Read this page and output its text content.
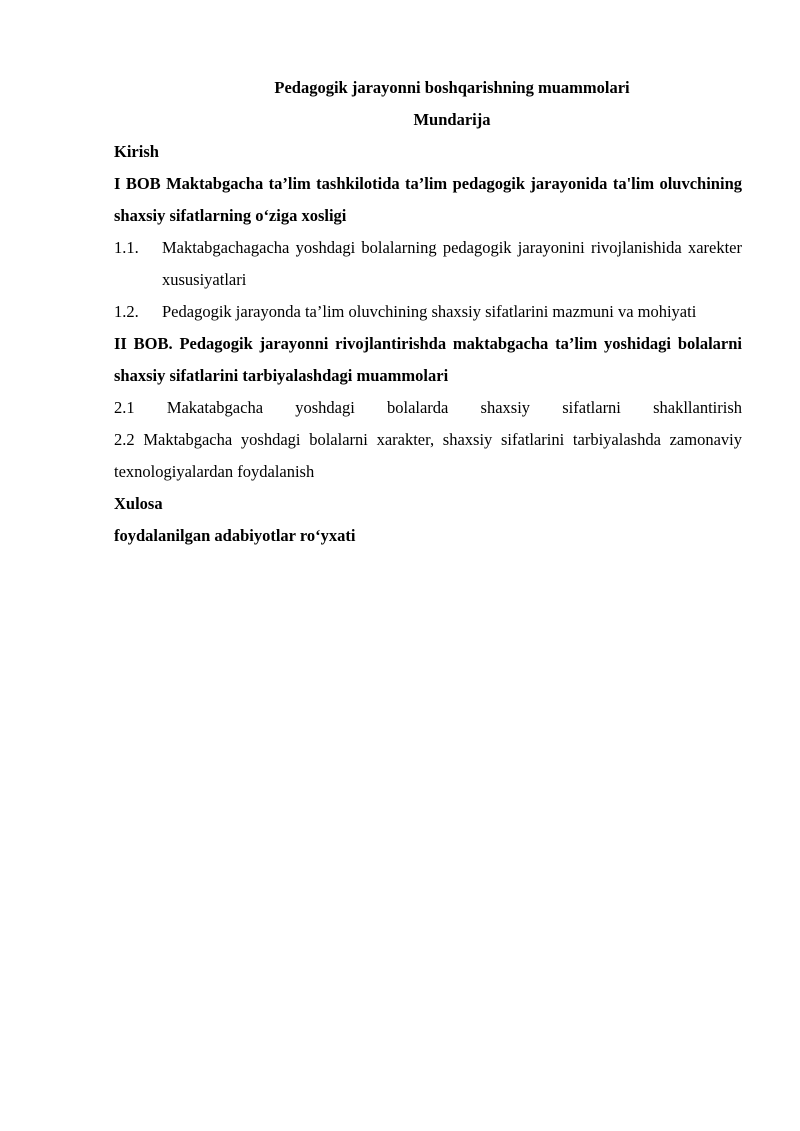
Pedagogik jarayonni boshqarishning muammolari
Mundarija

Kirish

I BOB Maktabgacha ta’lim tashkilotida ta’lim pedagogik jarayonida ta'lim oluvchining shaxsiy sifatlarning o‘ziga xosligi

1.1.	Maktabgachagacha yoshdagi bolalarning pedagogik jarayonini rivojlanishida xarekter xususiyatlari
1.2.	Pedagogik jarayonda ta’lim oluvchining shaxsiy sifatlarini mazmuni va mohiyati

II BOB. Pedagogik jarayonni rivojlantirishda maktabgacha ta’lim yoshidagi bolalarni shaxsiy sifatlarini tarbiyalashdagi muammolari

2.1 Makatabgacha yoshdagi bolalarda shaxsiy sifatlarni shakllantirish

2.2 Maktabgacha yoshdagi bolalarni xarakter, shaxsiy sifatlarini tarbiyalashda zamonaviy texnologiyalardan foydalanish

Xulosa

foydalanilgan adabiyotlar ro‘yxati
